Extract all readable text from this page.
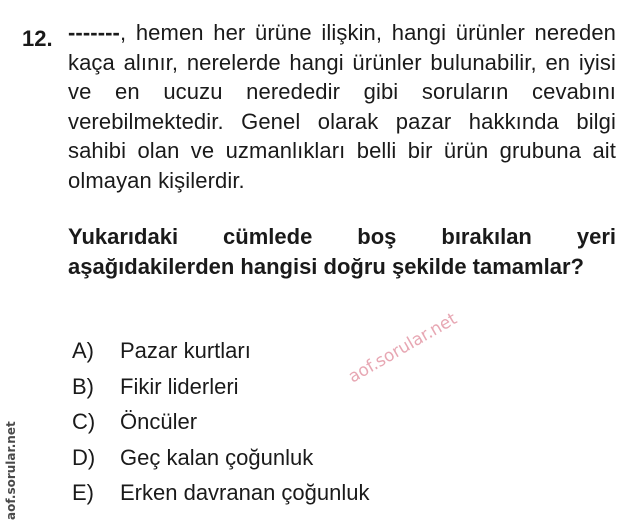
12. -------, hemen her ürüne ilişkin, hangi ürünler nereden kaça alınır, nerelerde hangi ürünler bulunabilir, en iyisi ve en ucuzu nerededir gibi soruların cevabını verebilmektedir. Genel olarak pazar hakkında bilgi sahibi olan ve uzmanlıkları belli bir ürün grubuna ait olmayan kişilerdir.
Yukarıdaki cümlede boş bırakılan yeri aşağıdakilerden hangisi doğru şekilde tamamlar?
A)	Pazar kurtları
B)	Fikir liderleri
C)	Öncüler
D)	Geç kalan çoğunluk
E)	Erken davranan çoğunluk
aof.sorular.net
aof.sorular.net
